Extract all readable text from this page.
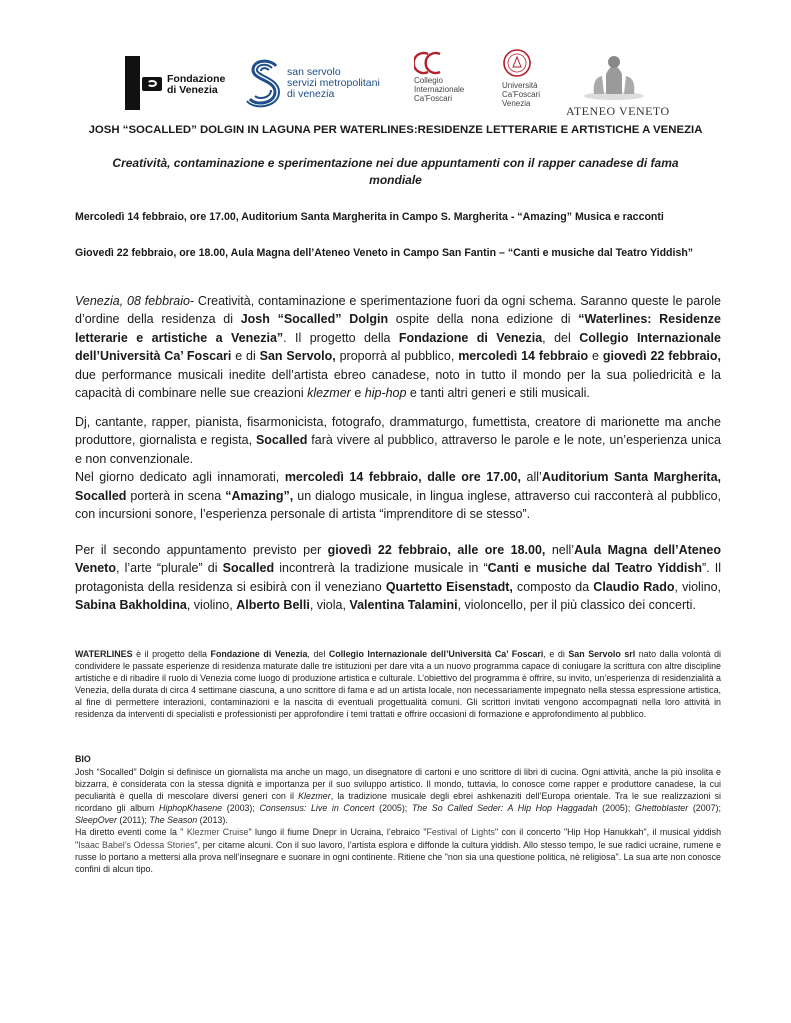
Fondazione
di Venezia
san servolo
servizi metropolitani
di venezia
Collegio
Internazionale
Ca'Foscari
Università
Ca'Foscari
Venezia
ATENEO VENETO
JOSH “SOCALLED” DOLGIN IN LAGUNA PER WATERLINES:RESIDENZE LETTERARIE E ARTISTICHE A VENEZIA
Creatività, contaminazione e sperimentazione nei due appuntamenti con il rapper canadese di fama mondiale
Mercoledì 14 febbraio, ore 17.00, Auditorium Santa Margherita in Campo S. Margherita - “Amazing” Musica e racconti
Giovedì 22 febbraio, ore 18.00, Aula Magna dell’Ateneo Veneto in Campo San Fantin – “Canti e musiche dal Teatro Yiddish”
Venezia, 08 febbraio- Creatività, contaminazione e sperimentazione fuori da ogni schema. Saranno queste le parole d’ordine della residenza di Josh “Socalled” Dolgin ospite della nona edizione di “Waterlines: Residenze letterarie e artistiche a Venezia”. Il progetto della Fondazione di Venezia, del Collegio Internazionale dell’Università Ca’ Foscari e di San Servolo, proporrà al pubblico, mercoledì 14 febbraio e giovedì 22 febbraio, due performance musicali inedite dell’artista ebreo canadese, noto in tutto il mondo per la sua poliedricità e la capacità di combinare nelle sue creazioni klezmer e hip-hop e tanti altri generi e stili musicali.
Dj, cantante, rapper, pianista, fisarmonicista, fotografo, drammaturgo, fumettista, creatore di marionette ma anche produttore, giornalista e regista, Socalled farà vivere al pubblico, attraverso le parole e le note, un’esperienza unica e non convenzionale.
Nel giorno dedicato agli innamorati, mercoledì 14 febbraio, dalle ore 17.00, all’Auditorium Santa Margherita, Socalled porterà in scena “Amazing”, un dialogo musicale, in lingua inglese, attraverso cui racconterà al pubblico, con incursioni sonore, l’esperienza personale di artista “imprenditore di se stesso”.
Per il secondo appuntamento previsto per giovedì 22 febbraio, alle ore 18.00, nell’Aula Magna dell’Ateneo Veneto, l’arte “plurale” di Socalled incontrerà la tradizione musicale in “Canti e musiche dal Teatro Yiddish”. Il protagonista della residenza si esibirà con il veneziano Quartetto Eisenstadt, composto da Claudio Rado, violino, Sabina Bakholdina, violino, Alberto Belli, viola, Valentina Talamini, violoncello, per il più classico dei concerti.
WATERLINES è il progetto della Fondazione di Venezia, del Collegio Internazionale dell’Università Ca’ Foscari, e di San Servolo srl nato dalla volontà di condividere le passate esperienze di residenza maturate dalle tre istituzioni per dare vita a un nuovo programma capace di coniugare la scrittura con altre discipline artistiche e di ribadire il ruolo di Venezia come luogo di produzione artistica e culturale. L’obiettivo del programma è offrire, su invito, un’esperienza di residenzialità a Venezia, della durata di circa 4 settimane ciascuna, a uno scrittore di fama e ad un artista locale, non necessariamente impegnato nella stessa espressione artistica, al fine di permettere interazioni, contaminazioni e la nascita di eventuali progettualità comuni. Gli scrittori invitati vengono accompagnati nella loro attività in residenza da interventi di specialisti e professionisti per approfondire i temi trattati e offrire occasioni di formazione e approfondimento al pubblico.
BIO
Josh “Socalled” Dolgin si definisce un giornalista ma anche un mago, un disegnatore di cartoni e uno scrittore di libri di cucina. Ogni attività, anche la più insolita e bizzarra, è considerata con la stessa dignità e importanza per il suo sviluppo artistico. Il mondo, tuttavia, lo conosce come rapper e produttore canadese, la cui peculiarità è quella di mescolare diversi generi con il Klezmer, la tradizione musicale degli ebrei ashkenaziti dell’Europa orientale. Tra le sue realizzazioni si ricordano gli album HiphopKhasene (2003); Consensus: Live in Concert (2005); The So Called Seder: A Hip Hop Haggadah (2005); Ghettoblaster (2007); SleepOver (2011); The Season (2013).
Ha diretto eventi come la " Klezmer Cruise" lungo il fiume Dnepr in Ucraina, l’ebraico "Festival of Lights" con il concerto "Hip Hop Hanukkah", il musical yiddish "Isaac Babel’s Odessa Stories", per citarne alcuni. Con il suo lavoro, l’artista esplora e diffonde la cultura yiddish. Allo stesso tempo, le sue radici ucraine, rumene e russe lo portano a mettersi alla prova nell’insegnare e suonare in ogni continente. Ritiene che "non sia una questione politica, nè religiosa". La sua arte non conosce confini di alcun tipo.
